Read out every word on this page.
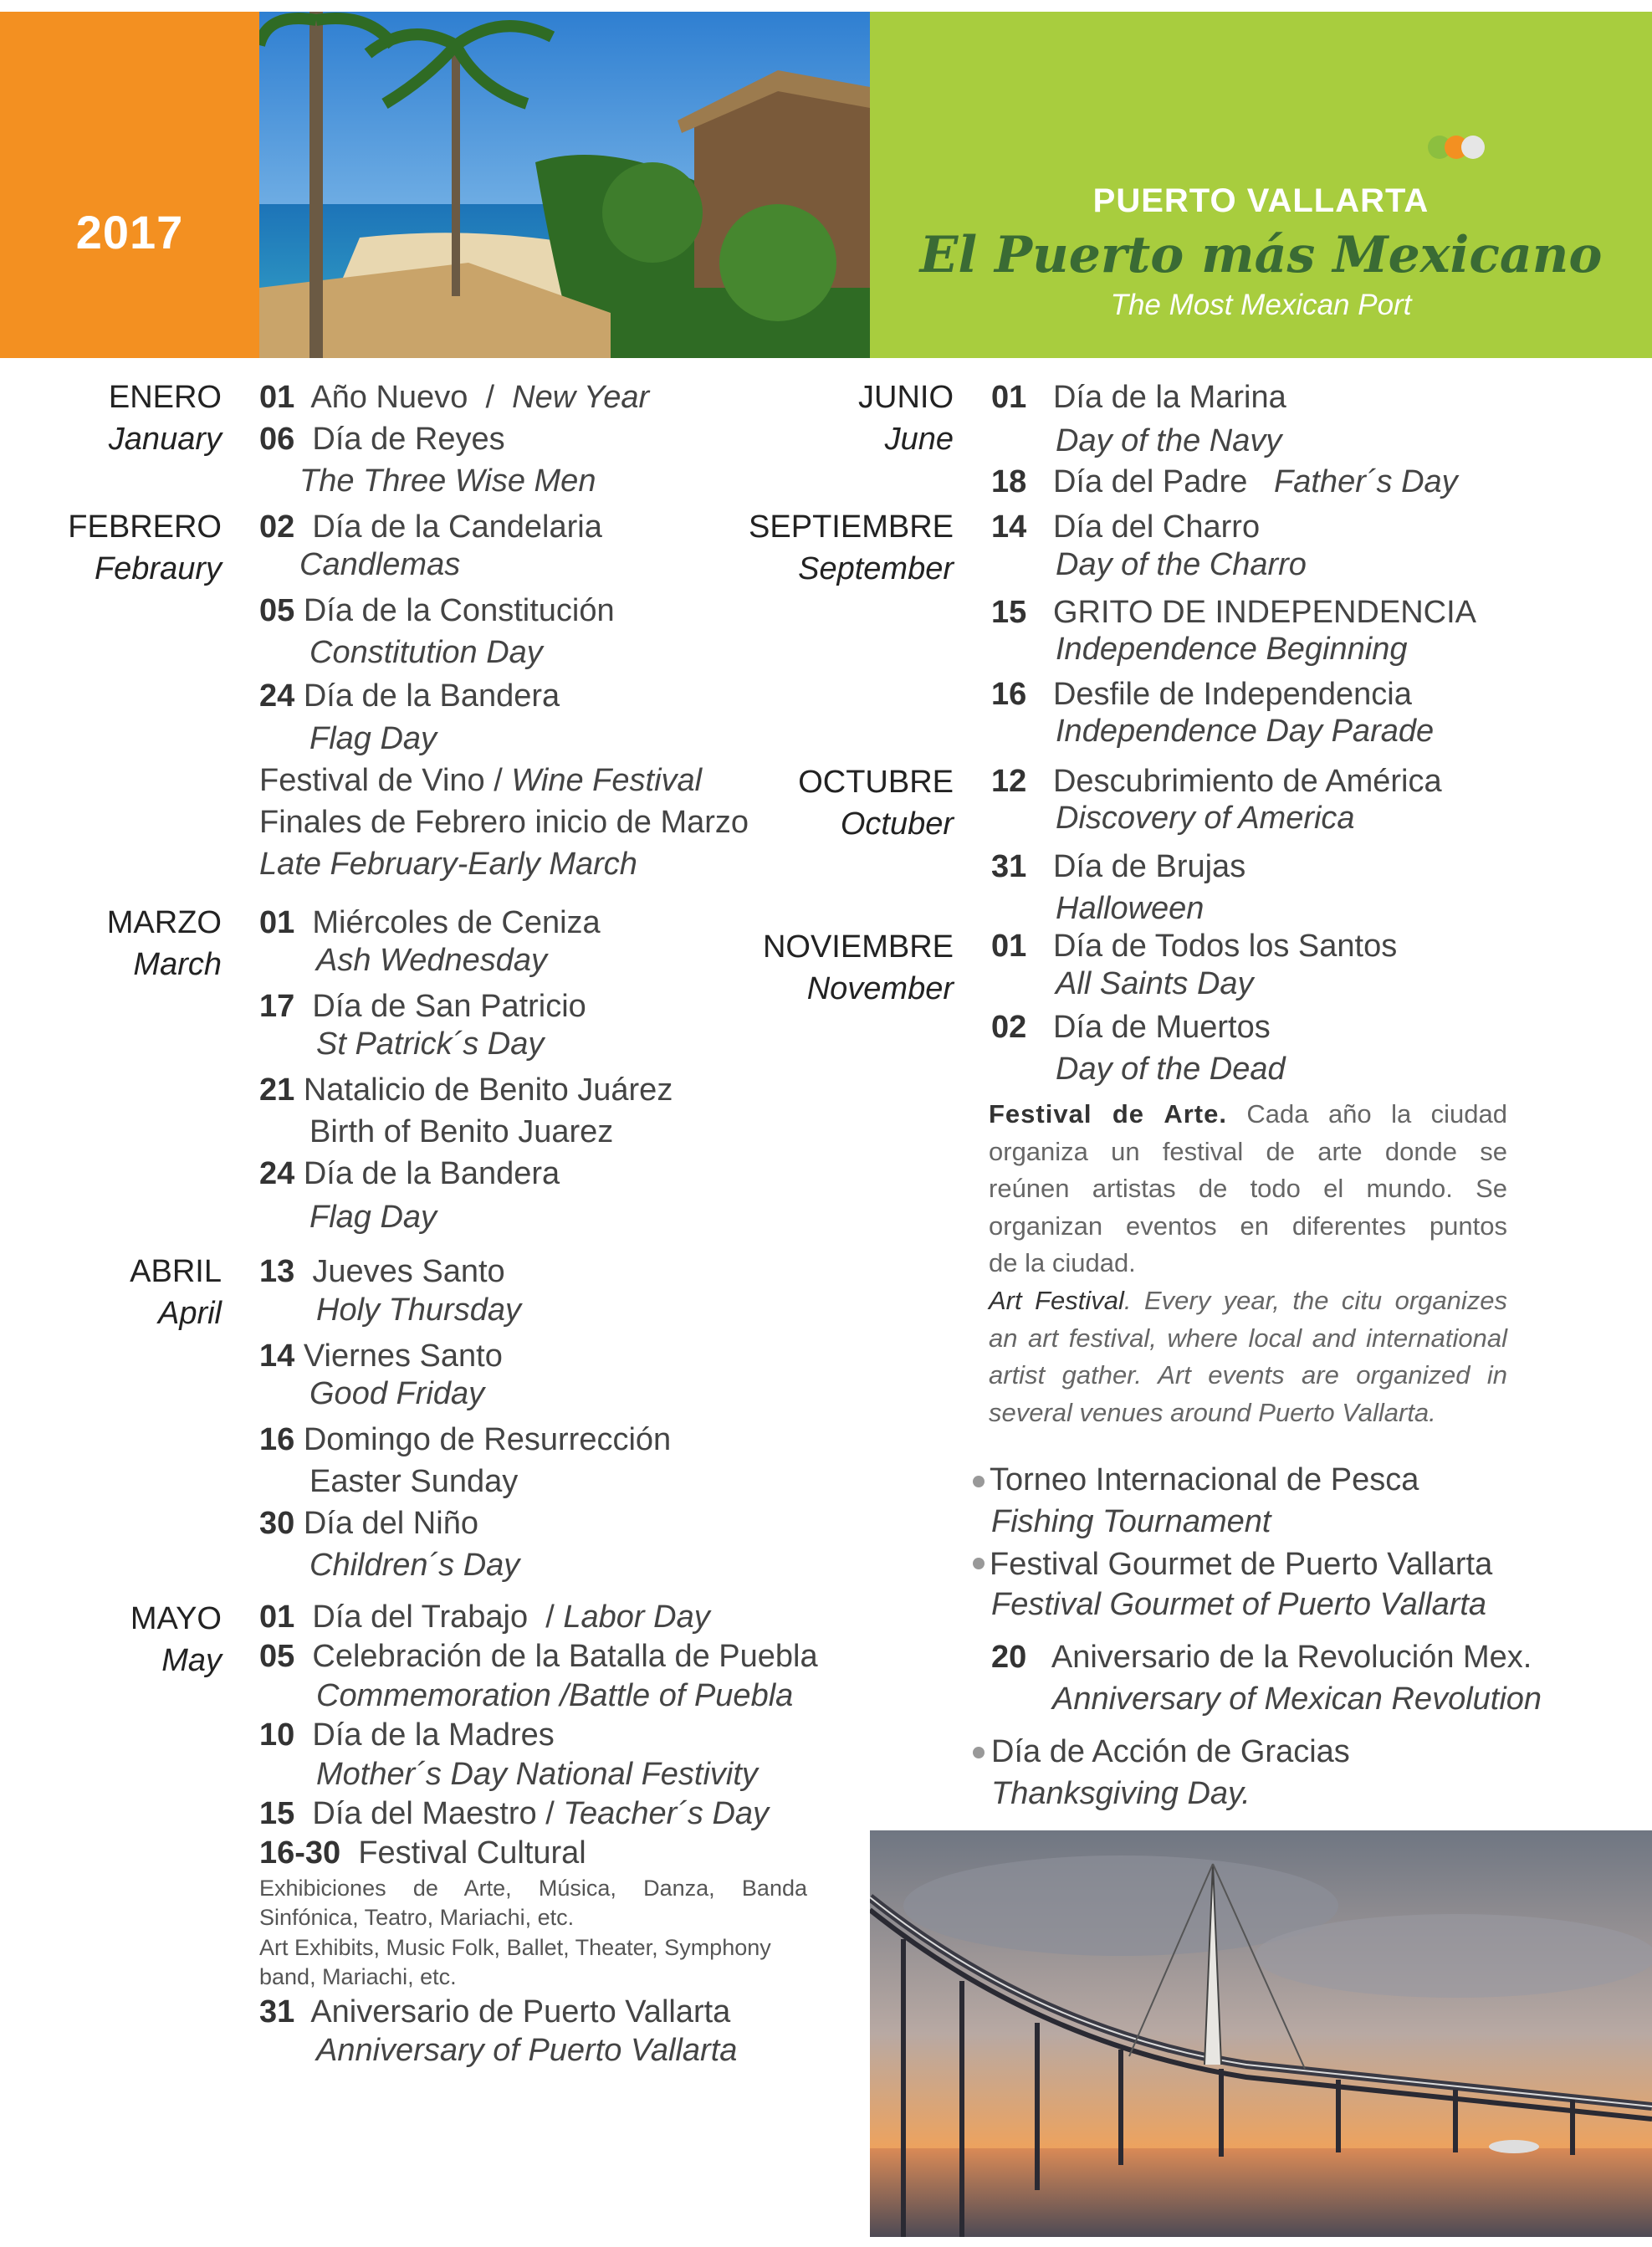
2017
PUERTO VALLARTA
El Puerto más Mexicano
The Most Mexican Port
ENERO
January
FEBRERO
Febraury
MARZO
March
ABRIL
April
MAYO
May
01 Año Nuevo / New Year
06 Día de Reyes
The Three Wise Men
02 Día de la Candelaria
Candlemas
05 Día de la Constitución
Constitution Day
24 Día de la Bandera
Flag Day
Festival de Vino / Wine Festival
Finales de Febrero inicio de Marzo
Late February-Early March
01 Miércoles de Ceniza
Ash Wednesday
17 Día de San Patricio
St Patrick´s Day
21 Natalicio de Benito Juárez
Birth of Benito Juarez
24 Día de la Bandera
Flag Day
13 Jueves Santo
Holy Thursday
14 Viernes Santo
Good Friday
16 Domingo de Resurrección
Easter Sunday
30 Día del Niño
Children´s Day
01 Día del Trabajo / Labor Day
05 Celebración de la Batalla de Puebla
Commemoration /Battle of Puebla
10 Día de la Madres
Mother´s Day National Festivity
15 Día del Maestro / Teacher´s Day
16-30 Festival Cultural
Exhibiciones de Arte, Música, Danza, Banda
Sinfónica, Teatro, Mariachi, etc.
Art Exhibits, Music Folk, Ballet, Theater, Symphony
band, Mariachi, etc.
31 Aniversario de Puerto Vallarta
Anniversary of Puerto Vallarta
JUNIO
June
SEPTIEMBRE
September
OCTUBRE
Octuber
NOVIEMBRE
November
01 Día de la Marina
Day of the Navy
18 Día del Padre Father´s Day
14 Día del Charro
Day of the Charro
15 GRITO DE INDEPENDENCIA
Independence Beginning
16 Desfile de Independencia
Independence Day Parade
12 Descubrimiento de América
Discovery of America
31 Día de Brujas
Halloween
01 Día de Todos los Santos
All Saints Day
02 Día de Muertos
Day of the Dead
Festival de Arte. Cada año la ciudad
organiza un festival de arte donde se
reúnen artistas de todo el mundo. Se
organizan eventos en diferentes puntos
de la ciudad.
Art Festival. Every year, the citu organizes
an art festival, where local and international
artist gather. Art events are organized in
several venues around Puerto Vallarta.
Torneo Internacional de Pesca
Fishing Tournament
Festival Gourmet de Puerto Vallarta
Festival Gourmet of Puerto Vallarta
20 Aniversario de la Revolución Mex.
Anniversary of Mexican Revolution
Día de Acción de Gracias
Thanksgiving Day.
